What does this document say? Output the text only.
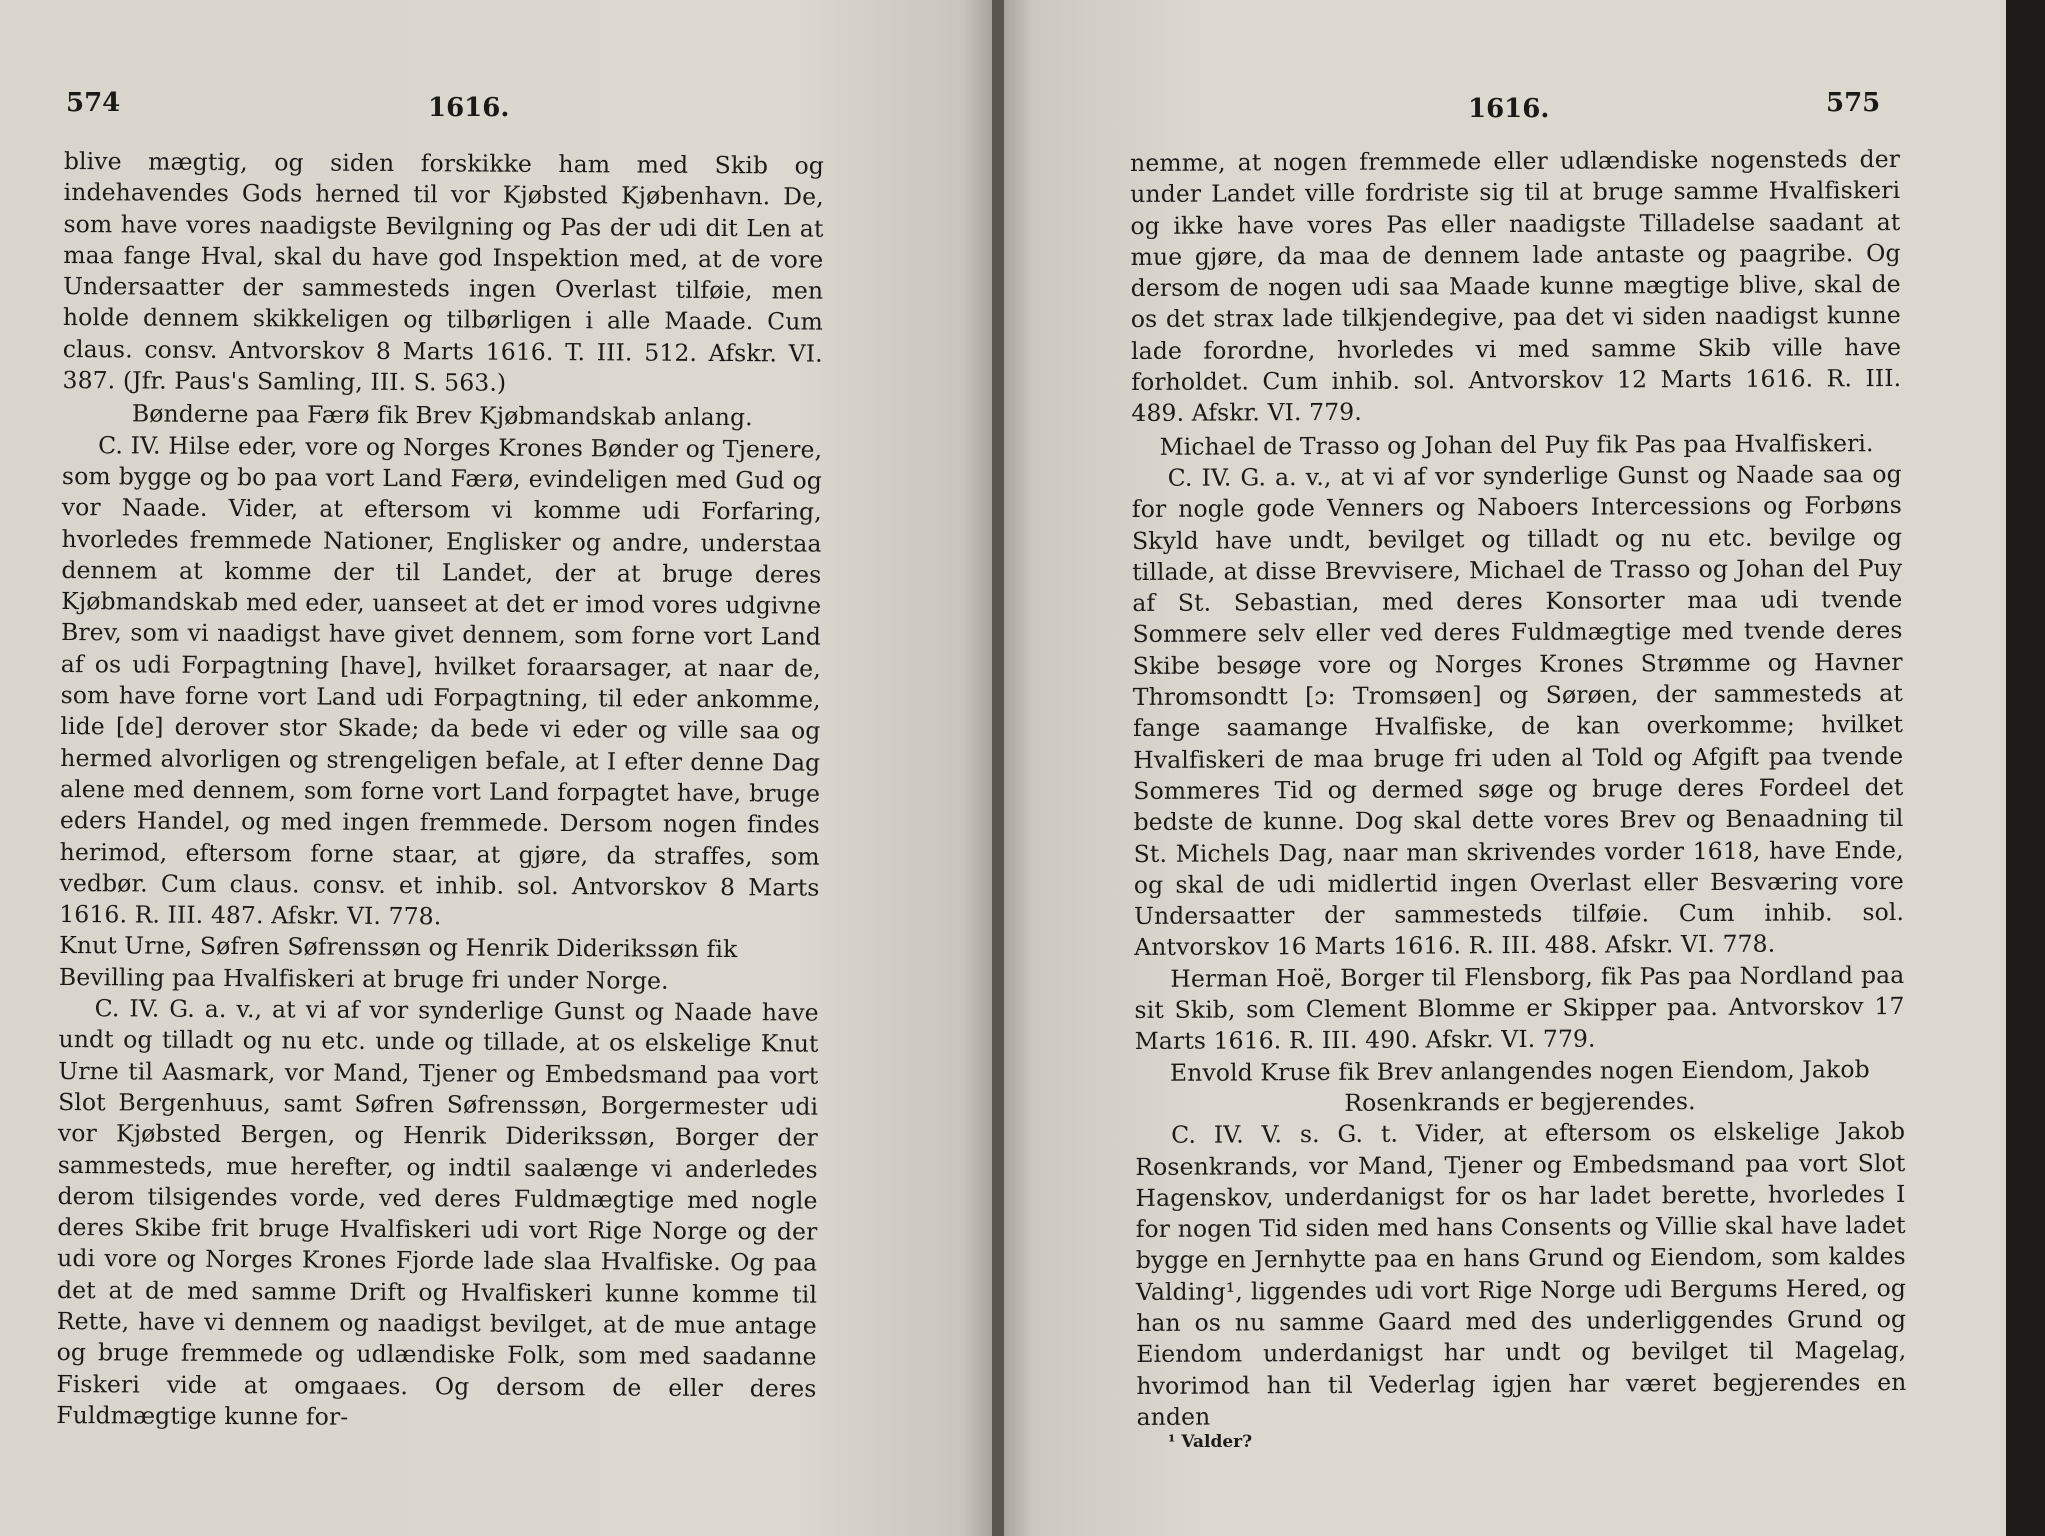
574	1616.

blive mægtig, og siden forskikke ham med Skib og indehavendes Gods herned til vor Kjøbsted Kjøbenhavn. De, som have vores naadigste Bevilgning og Pas der udi dit Len at maa fange Hval, skal du have god Inspektion med, at de vore Undersaatter der sammesteds ingen Overlast tilføie, men holde dennem skikkeligen og tilbørligen i alle Maade. Cum claus. consv. Antvorskov 8 Marts 1616. T. III. 512. Afskr. VI. 387. (Jfr. Paus's Samling, III. S. 563.)

Bønderne paa Færø fik Brev Kjøbmandskab anlang.

C. IV. Hilse eder, vore og Norges Krones Bønder og Tjenere, som bygge og bo paa vort Land Færø, evindeligen med Gud og vor Naade. Vider, at eftersom vi komme udi Forfaring, hvorledes fremmede Nationer, Englisker og andre, understaa dennem at komme der til Landet, der at bruge deres Kjøbmandskab med eder, uanseet at det er imod vores udgivne Brev, som vi naadigst have givet dennem, som forne vort Land af os udi Forpagtning [have], hvilket foraarsager, at naar de, som have forne vort Land udi Forpagtning, til eder ankomme, lide [de] derover stor Skade; da bede vi eder og ville saa og hermed alvorligen og strengeligen befale, at I efter denne Dag alene med dennem, som forne vort Land forpagtet have, bruge eders Handel, og med ingen fremmede. Dersom nogen findes herimod, eftersom forne staar, at gjøre, da straffes, som vedbør. Cum claus. consv. et inhib. sol. Antvorskov 8 Marts 1616. R. III. 487. Afskr. VI. 778.

Knut Urne, Søfren Søfrenssøn og Henrik Diderikssøn fik Bevilling paa Hvalfiskeri at bruge fri under Norge.

C. IV. G. a. v., at vi af vor synderlige Gunst og Naade have undt og tilladt og nu etc. unde og tillade, at os elskelige Knut Urne til Aasmark, vor Mand, Tjener og Embedsmand paa vort Slot Bergenhuus, samt Søfren Søfrenssøn, Borgermester udi vor Kjøbsted Bergen, og Henrik Diderikssøn, Borger der sammesteds, mue herefter, og indtil saalænge vi anderledes derom tilsigendes vorde, ved deres Fuldmægtige med nogle deres Skibe frit bruge Hvalfiskeri udi vort Rige Norge og der udi vore og Norges Krones Fjorde lade slaa Hvalfiske. Og paa det at de med samme Drift og Hvalfiskeri kunne komme til Rette, have vi dennem og naadigst bevilget, at de mue antage og bruge fremmede og udlændiske Folk, som med saadanne Fiskeri vide at omgaaes. Og dersom de eller deres Fuldmægtige kunne for-

1616.	575

nemme, at nogen fremmede eller udlændiske nogensteds der under Landet ville fordriste sig til at bruge samme Hvalfiskeri og ikke have vores Pas eller naadigste Tilladelse saadant at mue gjøre, da maa de dennem lade antaste og paagribe. Og dersom de nogen udi saa Maade kunne mægtige blive, skal de os det strax lade tilkjendegive, paa det vi siden naadigst kunne lade forordne, hvorledes vi med samme Skib ville have forholdet. Cum inhib. sol. Antvorskov 12 Marts 1616. R. III. 489. Afskr. VI. 779.

Michael de Trasso og Johan del Puy fik Pas paa Hvalfiskeri.

C. IV. G. a. v., at vi af vor synderlige Gunst og Naade saa og for nogle gode Venners og Naboers Intercessions og Forbøns Skyld have undt, bevilget og tilladt og nu etc. bevilge og tillade, at disse Brevvisere, Michael de Trasso og Johan del Puy af St. Sebastian, med deres Konsorter maa udi tvende Sommere selv eller ved deres Fuldmægtige med tvende deres Skibe besøge vore og Norges Krones Strømme og Havner Thromsondtt [ɔ: Tromsøen] og Sørøen, der sammesteds at fange saamange Hvalfiske, de kan overkomme; hvilket Hvalfiskeri de maa bruge fri uden al Told og Afgift paa tvende Sommeres Tid og dermed søge og bruge deres Fordeel det bedste de kunne. Dog skal dette vores Brev og Benaadning til St. Michels Dag, naar man skrivendes vorder 1618, have Ende, og skal de udi midlertid ingen Overlast eller Besværing vore Undersaatter der sammesteds tilføie. Cum inhib. sol. Antvorskov 16 Marts 1616. R. III. 488. Afskr. VI. 778.

Herman Hoë, Borger til Flensborg, fik Pas paa Nordland paa sit Skib, som Clement Blomme er Skipper paa. Antvorskov 17 Marts 1616. R. III. 490. Afskr. VI. 779.

Envold Kruse fik Brev anlangendes nogen Eiendom, Jakob Rosenkrands er begjerendes.

C. IV. V. s. G. t. Vider, at eftersom os elskelige Jakob Rosenkrands, vor Mand, Tjener og Embedsmand paa vort Slot Hagenskov, underdanigst for os har ladet berette, hvorledes I for nogen Tid siden med hans Consents og Villie skal have ladet bygge en Jernhytte paa en hans Grund og Eiendom, som kaldes Valding¹, liggendes udi vort Rige Norge udi Bergums Hered, og han os nu samme Gaard med des underliggendes Grund og Eiendom underdanigst har undt og bevilget til Magelag, hvorimod han til Vederlag igjen har været begjerendes en anden

¹ Valder?
